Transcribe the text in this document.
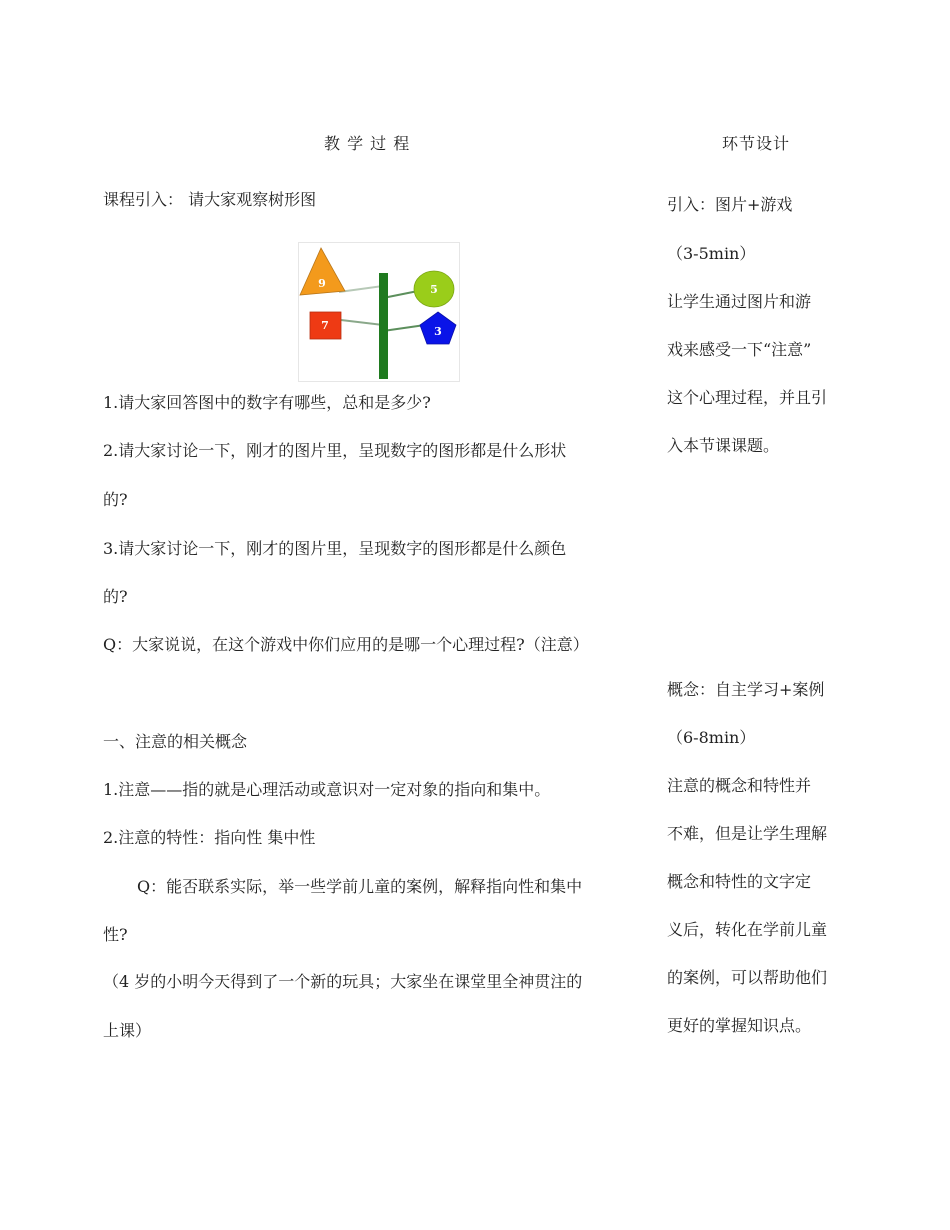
教 学 过 程	环节设计
课程引入： 请大家观察树形图
9	5
7	3
1.请大家回答图中的数字有哪些，总和是多少?
2.请大家讨论一下，刚才的图片里，呈现数字的图形都是什么形状
的?
3.请大家讨论一下，刚才的图片里，呈现数字的图形都是什么颜色
的?
Q：大家说说，在这个游戏中你们应用的是哪一个心理过程?（注意）
一、注意的相关概念
1.注意——指的就是心理活动或意识对一定对象的指向和集中。
2.注意的特性：指向性 集中性
Q：能否联系实际，举一些学前儿童的案例，解释指向性和集中
性?
（4 岁的小明今天得到了一个新的玩具；大家坐在课堂里全神贯注的
上课）
引入：图片+游戏
（3-5min）
让学生通过图片和游
戏来感受一下“注意”
这个心理过程，并且引
入本节课课题。
概念：自主学习+案例
（6-8min）
注意的概念和特性并
不难，但是让学生理解
概念和特性的文字定
义后，转化在学前儿童
的案例，可以帮助他们
更好的掌握知识点。
